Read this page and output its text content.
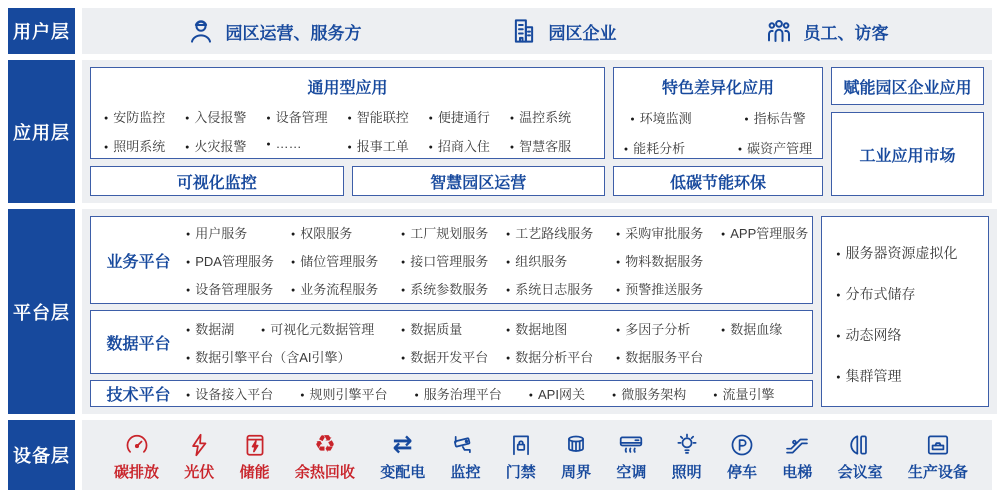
用户层	园区运营、服务方	园区企业	员工、访客
应用层
通用型应用
● 安防监控	● 入侵报警	● 设备管理	● 智能联控	● 便捷通行	● 温控系统
● 照明系统	● 火灾报警	● ……	● 报事工单	● 招商入住	● 智慧客服
可视化监控	智慧园区运营
特色差异化应用
● 环境监测	● 指标告警
● 能耗分析	● 碳资产管理
低碳节能环保
赋能园区企业应用
工业应用市场
平台层
业务平台
● 用户服务	● 权限服务	● 工厂规划服务	● 工艺路线服务	● 采购审批服务	● APP管理服务
● PDA管理服务	● 储位管理服务	● 接口管理服务	● 组织服务	● 物料数据服务
● 设备管理服务	● 业务流程服务	● 系统参数服务	● 系统日志服务	● 预警推送服务
数据平台
● 数据湖	● 可视化元数据管理	● 数据质量	● 数据地图	● 多因子分析	● 数据血缘
● 数据引擎平台（含AI引擎）	● 数据开发平台	● 数据分析平台	● 数据服务平台
技术平台	● 设备接入平台	● 规则引擎平台	● 服务治理平台	● API网关	● 微服务架构	● 流量引擎
● 服务器资源虚拟化
● 分布式储存
● 动态网络
● 集群管理
设备层
碳排放 光伏 储能
♻
余热回收
⇄
变配电 监控 门禁 周界 空调 照明 停车 电梯 会议室 生产设备
